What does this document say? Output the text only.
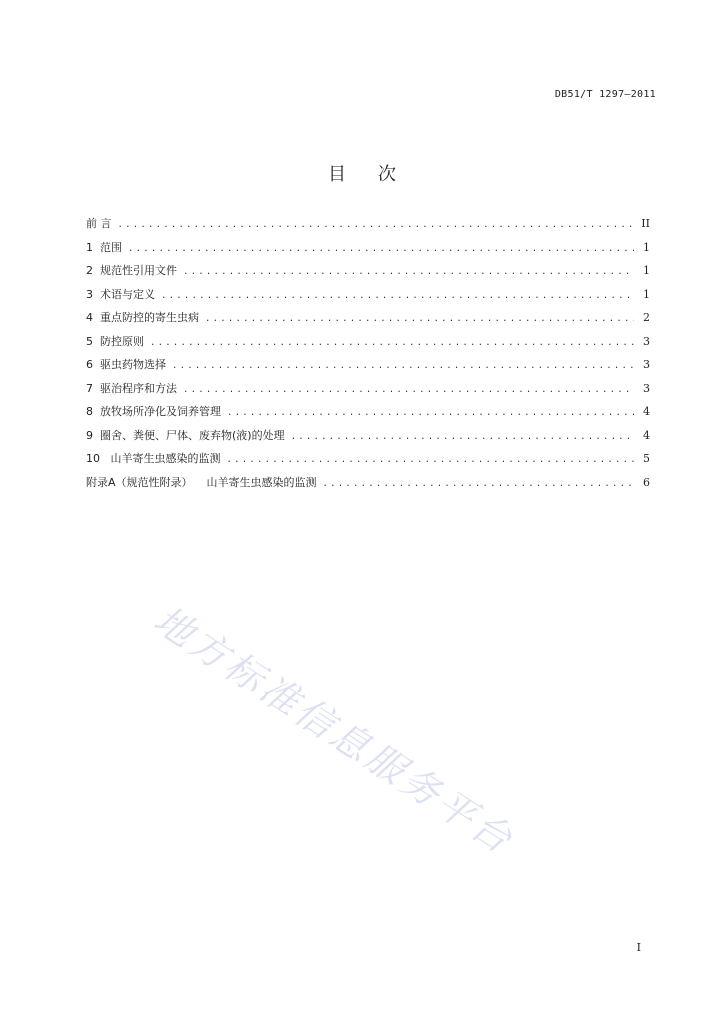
DB51/T 1297—2011
目次
前 言 .....	II
1 范围 .....	1
2 规范性引用文件 .....	1
3 术语与定义 .....	1
4 重点防控的寄生虫病 .....	2
5 防控原则 .....	3
6 驱虫药物选择 .....	3
7 驱治程序和方法 .....	3
8 放牧场所净化及饲养管理 .....	4
9 圈舍、粪便、尸体、废弃物(液)的处理 .....	4
10 山羊寄生虫感染的监测 .....	5
附录A（规范性附录）    山羊寄生虫感染的监测 .....	6
地方标准信息服务平台
I
